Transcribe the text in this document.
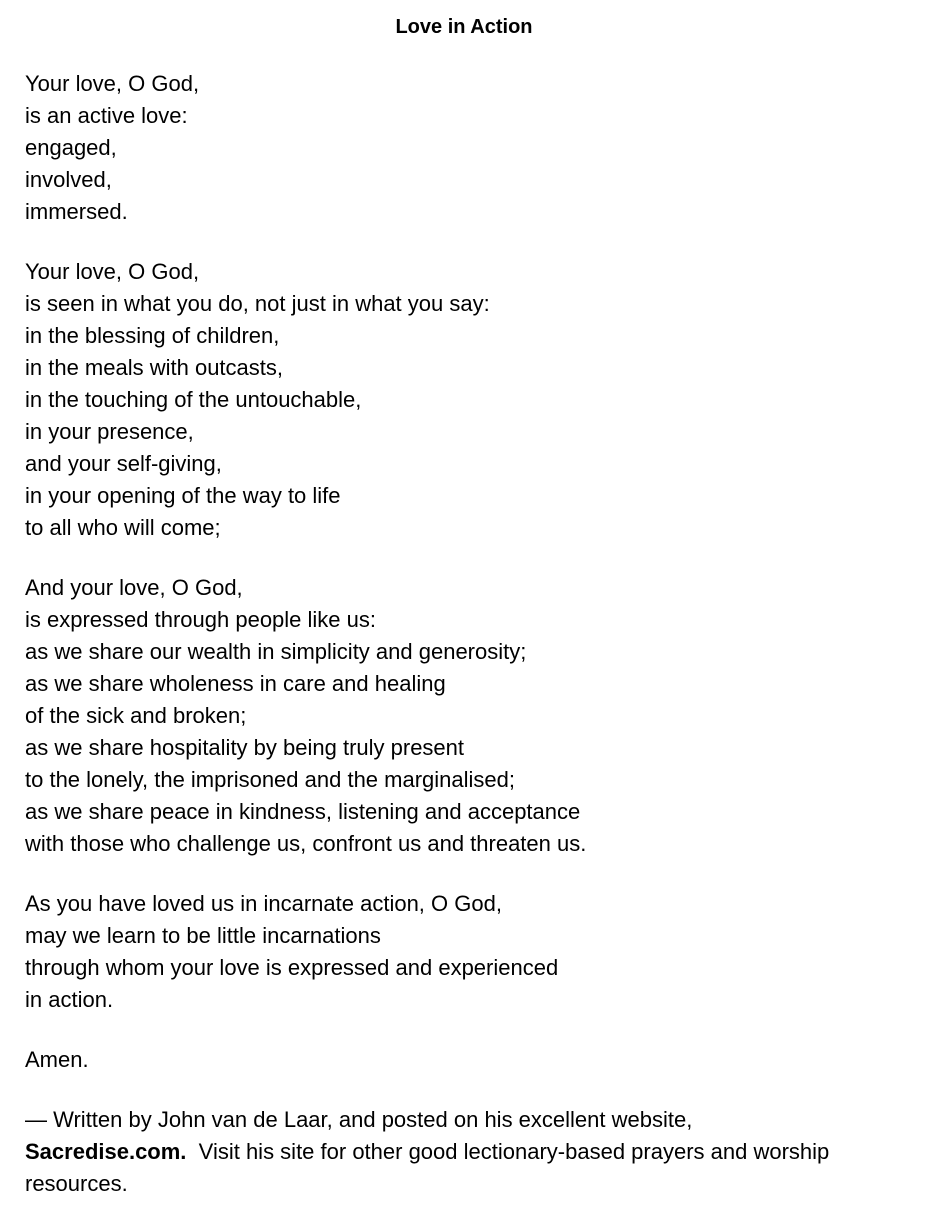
Love in Action
Your love, O God,
is an active love:
engaged,
involved,
immersed.
Your love, O God,
is seen in what you do, not just in what you say:
in the blessing of children,
in the meals with outcasts,
in the touching of the untouchable,
in your presence,
and your self-giving,
in your opening of the way to life
to all who will come;
And your love, O God,
is expressed through people like us:
as we share our wealth in simplicity and generosity;
as we share wholeness in care and healing
of the sick and broken;
as we share hospitality by being truly present
to the lonely, the imprisoned and the marginalised;
as we share peace in kindness, listening and acceptance
with those who challenge us, confront us and threaten us.
As you have loved us in incarnate action, O God,
may we learn to be little incarnations
through whom your love is expressed and experienced
in action.
Amen.

— Written by John van de Laar, and posted on his excellent website,
Sacredise.com. Visit his site for other good lectionary-based prayers and worship resources.
